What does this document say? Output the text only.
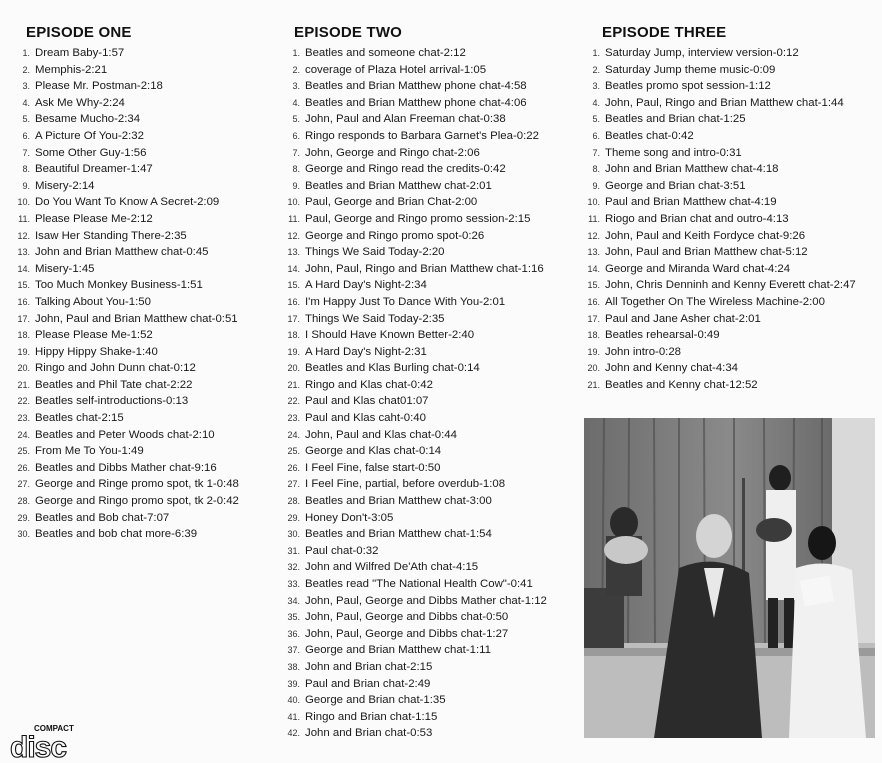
EPISODE ONE
1. Dream Baby-1:57
2. Memphis-2:21
3. Please Mr. Postman-2:18
4. Ask Me Why-2:24
5. Besame Mucho-2:34
6. A Picture Of You-2:32
7. Some Other Guy-1:56
8. Beautiful Dreamer-1:47
9. Misery-2:14
10. Do You Want To Know A Secret-2:09
11. Please Please Me-2:12
12. Isaw Her Standing There-2:35
13. John and Brian Matthew chat-0:45
14. Misery-1:45
15. Too Much Monkey Business-1:51
16. Talking About You-1:50
17. John, Paul and Brian Matthew chat-0:51
18. Please Please Me-1:52
19. Hippy Hippy Shake-1:40
20. Ringo and John Dunn chat-0:12
21. Beatles and Phil Tate chat-2:22
22. Beatles self-introductions-0:13
23. Beatles chat-2:15
24. Beatles and Peter Woods chat-2:10
25. From Me To You-1:49
26. Beatles and Dibbs Mather chat-9:16
27. George and Ringe promo spot, tk 1-0:48
28. George and Ringo promo spot, tk 2-0:42
29. Beatles and Bob chat-7:07
30. Beatles and bob chat more-6:39
EPISODE TWO
1. Beatles and someone chat-2:12
2. coverage of Plaza Hotel arrival-1:05
3. Beatles and Brian Matthew phone chat-4:58
4. Beatles and Brian Matthew phone chat-4:06
5. John, Paul and Alan Freeman chat-0:38
6. Ringo responds to Barbara Garnet's Plea-0:22
7. John, George and Ringo chat-2:06
8. George and Ringo read the credits-0:42
9. Beatles and Brian Matthew chat-2:01
10. Paul, George and Brian Chat-2:00
11. Paul, George and Ringo promo session-2:15
12. George and Ringo promo spot-0:26
13. Things We Said Today-2:20
14. John, Paul, Ringo and Brian Matthew chat-1:16
15. A Hard Day's Night-2:34
16. I'm Happy Just To Dance With You-2:01
17. Things We Said Today-2:35
18. I Should Have Known Better-2:40
19. A Hard Day's Night-2:31
20. Beatles and Klas Burling chat-0:14
21. Ringo and Klas chat-0:42
22. Paul and Klas chat01:07
23. Paul and Klas caht-0:40
24. John, Paul and Klas chat-0:44
25. George and Klas chat-0:14
26. I Feel Fine, false start-0:50
27. I Feel Fine, partial, before overdub-1:08
28. Beatles and Brian Matthew chat-3:00
29. Honey Don't-3:05
30. Beatles and Brian Matthew chat-1:54
31. Paul chat-0:32
32. John and Wilfred De'Ath chat-4:15
33. Beatles read "The National Health Cow"-0:41
34. John, Paul, George and Dibbs Mather chat-1:12
35. John, Paul, George and Dibbs chat-0:50
36. John, Paul, George and Dibbs chat-1:27
37. George and Brian Matthew chat-1:11
38. John and Brian chat-2:15
39. Paul and Brian chat-2:49
40. George and Brian chat-1:35
41. Ringo and Brian chat-1:15
42. John and Brian chat-0:53
EPISODE THREE
1. Saturday Jump, interview version-0:12
2. Saturday Jump theme music-0:09
3. Beatles promo spot session-1:12
4. John, Paul, Ringo and Brian Matthew chat-1:44
5. Beatles and Brian chat-1:25
6. Beatles chat-0:42
7. Theme song and intro-0:31
8. John and Brian Matthew chat-4:18
9. George and Brian chat-3:51
10. Paul and Brian Matthew chat-4:19
11. Riogo and Brian chat and outro-4:13
12. John, Paul and Keith Fordyce chat-9:26
13. John, Paul and Brian Matthew chat-5:12
14. George and Miranda Ward chat-4:24
15. John, Chris Denninh and Kenny Everett chat-2:47
16. All Together On The Wireless Machine-2:00
17. Paul and Jane Asher chat-2:01
18. Beatles rehearsal-0:49
19. John intro-0:28
20. John and Kenny chat-4:34
21. Beatles and Kenny chat-12:52
COMPACT
disc
